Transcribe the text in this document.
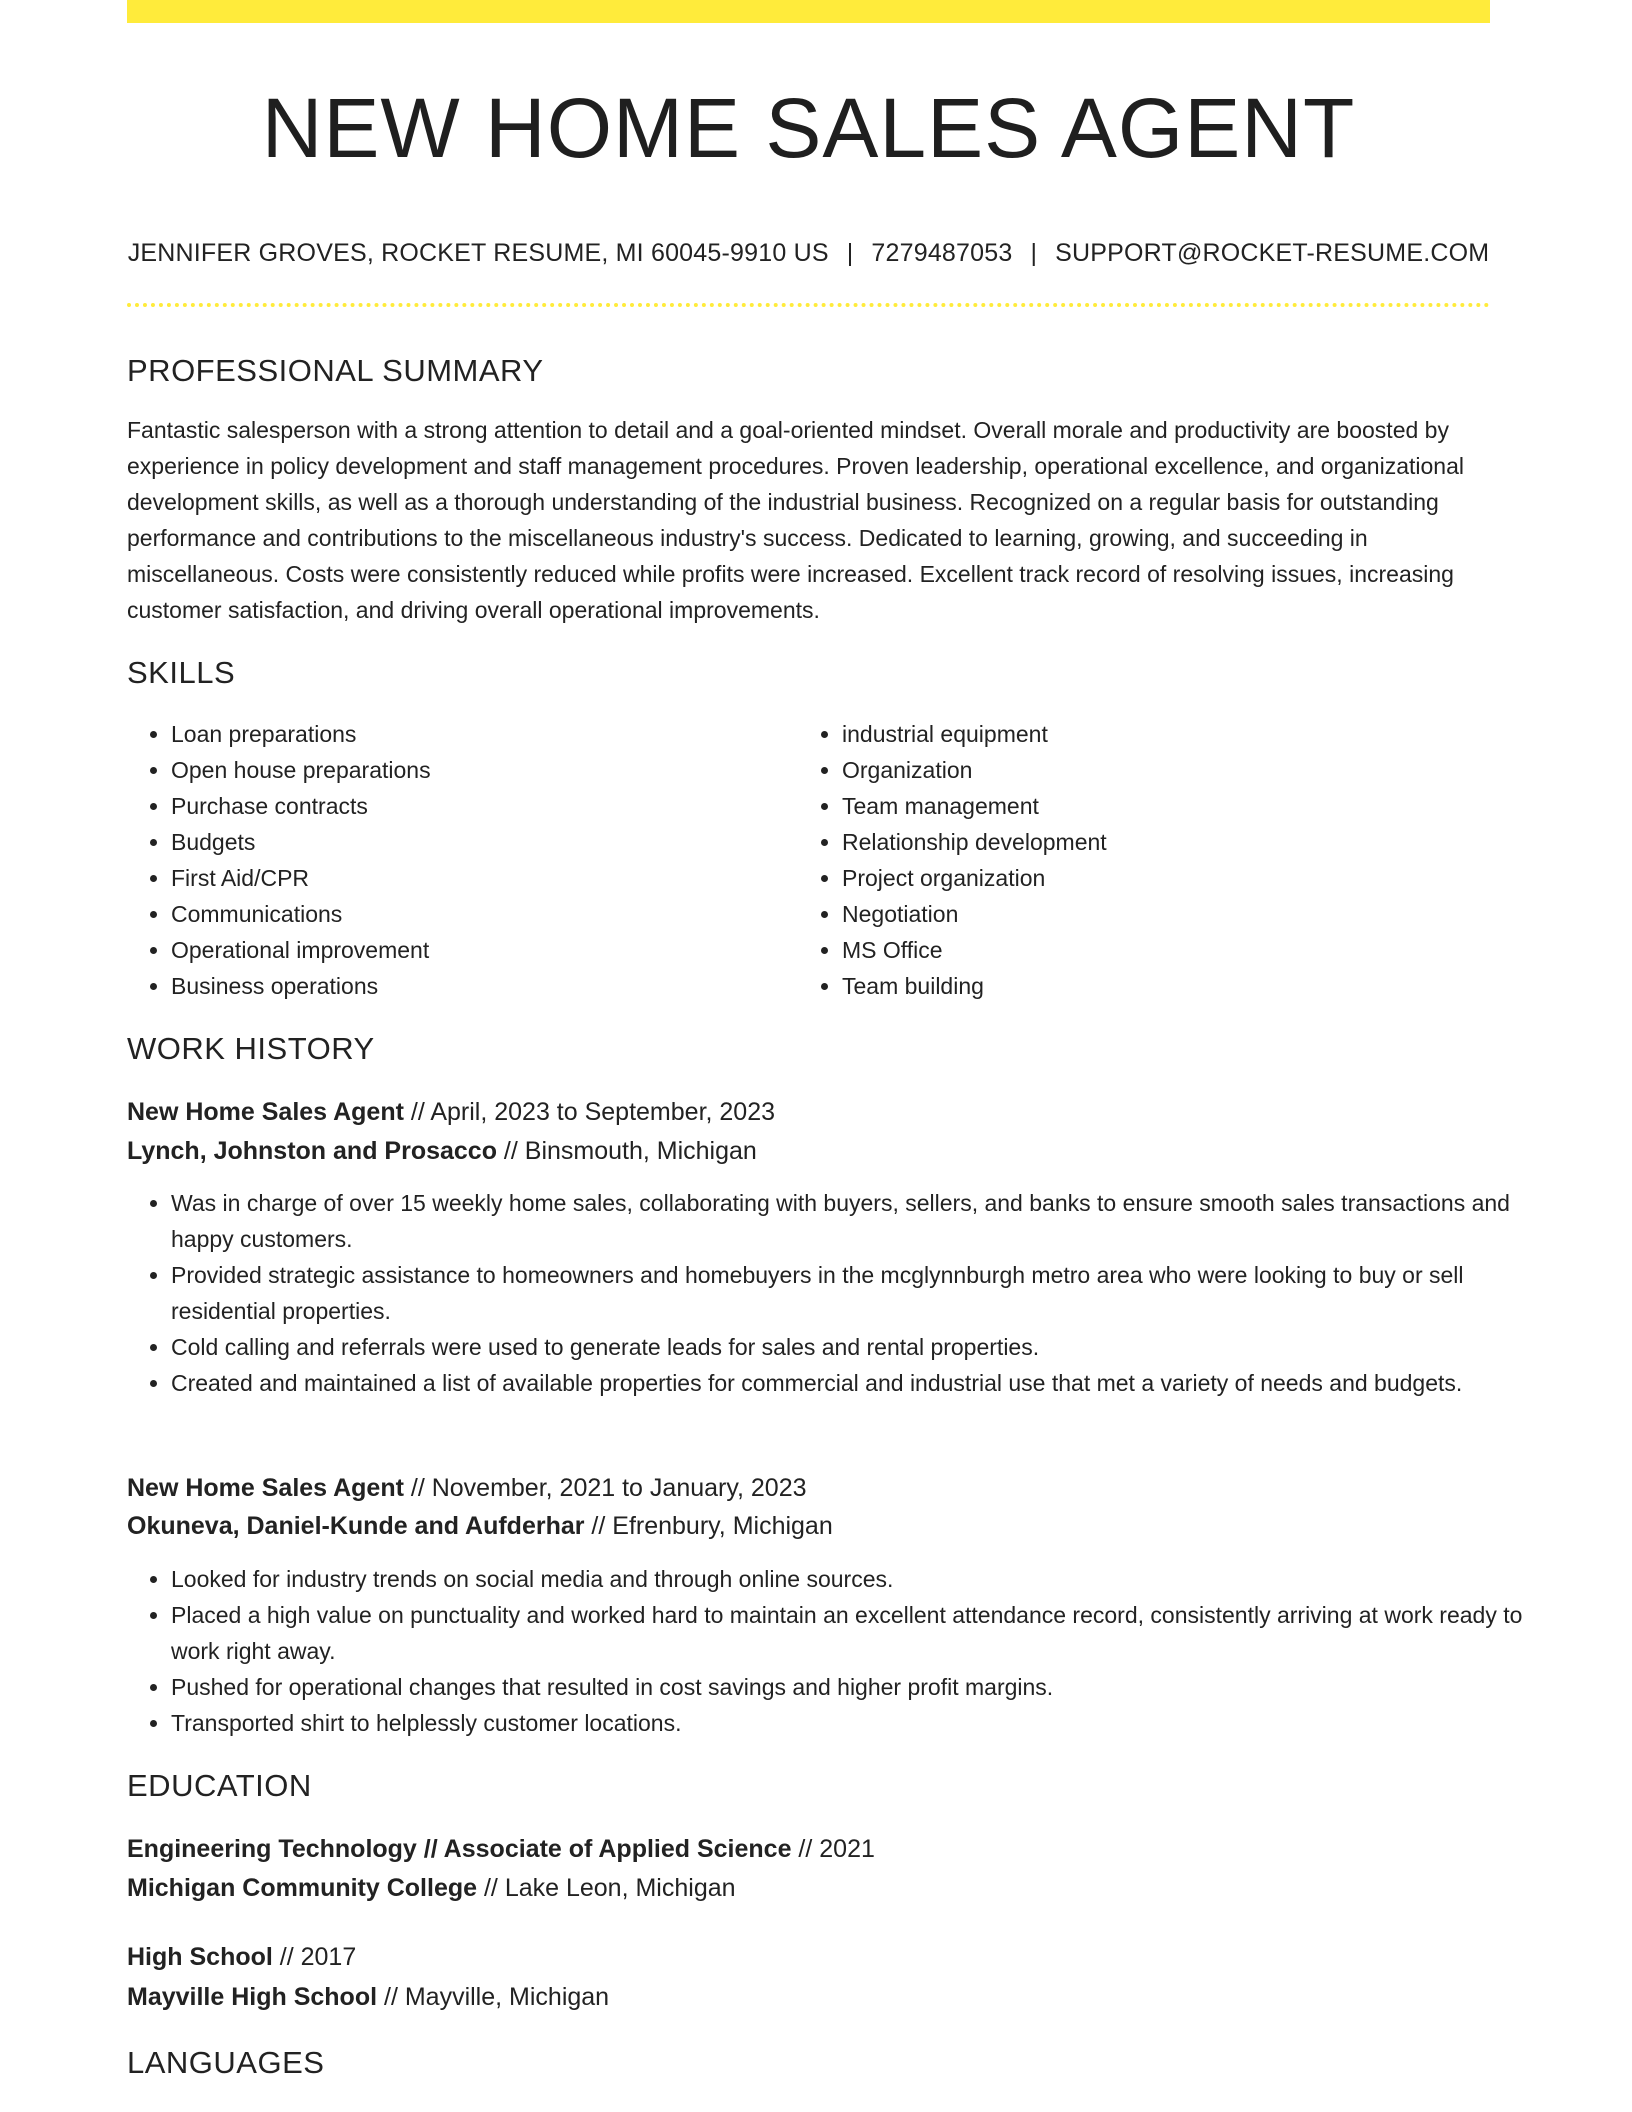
NEW HOME SALES AGENT
JENNIFER GROVES, ROCKET RESUME, MI 60045-9910 US | 7279487053 | SUPPORT@ROCKET-RESUME.COM
PROFESSIONAL SUMMARY

Fantastic salesperson with a strong attention to detail and a goal-oriented mindset. Overall morale and productivity are boosted by experience in policy development and staff management procedures. Proven leadership, operational excellence, and organizational development skills, as well as a thorough understanding of the industrial business. Recognized on a regular basis for outstanding performance and contributions to the miscellaneous industry's success. Dedicated to learning, growing, and succeeding in miscellaneous. Costs were consistently reduced while profits were increased. Excellent track record of resolving issues, increasing customer satisfaction, and driving overall operational improvements.

SKILLS
• Loan preparations
• Open house preparations
• Purchase contracts
• Budgets
• First Aid/CPR
• Communications
• Operational improvement
• Business operations
• industrial equipment
• Organization
• Team management
• Relationship development
• Project organization
• Negotiation
• MS Office
• Team building
WORK HISTORY
New Home Sales Agent // April, 2023 to September, 2023
Lynch, Johnston and Prosacco // Binsmouth, Michigan
• Was in charge of over 15 weekly home sales, collaborating with buyers, sellers, and banks to ensure smooth sales transactions and happy customers.
• Provided strategic assistance to homeowners and homebuyers in the mcglynnburgh metro area who were looking to buy or sell residential properties.
• Cold calling and referrals were used to generate leads for sales and rental properties.
• Created and maintained a list of available properties for commercial and industrial use that met a variety of needs and budgets.
New Home Sales Agent // November, 2021 to January, 2023
Okuneva, Daniel-Kunde and Aufderhar // Efrenbury, Michigan
• Looked for industry trends on social media and through online sources.
• Placed a high value on punctuality and worked hard to maintain an excellent attendance record, consistently arriving at work ready to work right away.
• Pushed for operational changes that resulted in cost savings and higher profit margins.
• Transported shirt to helplessly customer locations.
EDUCATION
Engineering Technology // Associate of Applied Science // 2021
Michigan Community College // Lake Leon, Michigan
High School // 2017
Mayville High School // Mayville, Michigan
LANGUAGES
